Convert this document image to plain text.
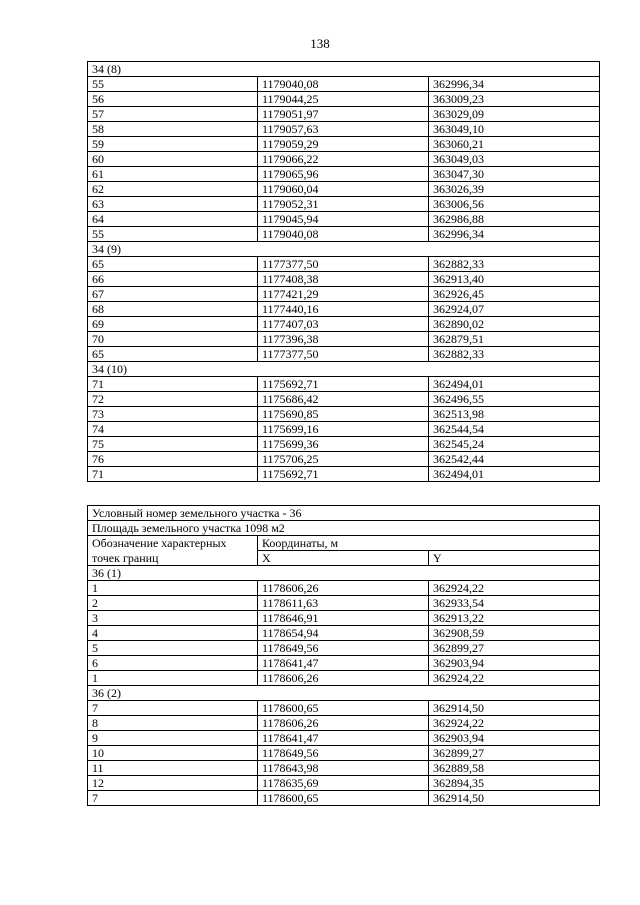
138
34 (8)		
55	1179040,08	362996,34
56	1179044,25	363009,23
57	1179051,97	363029,09
58	1179057,63	363049,10
59	1179059,29	363060,21
60	1179066,22	363049,03
61	1179065,96	363047,30
62	1179060,04	363026,39
63	1179052,31	363006,56
64	1179045,94	362986,88
55	1179040,08	362996,34
34 (9)		
65	1177377,50	362882,33
66	1177408,38	362913,40
67	1177421,29	362926,45
68	1177440,16	362924,07
69	1177407,03	362890,02
70	1177396,38	362879,51
65	1177377,50	362882,33
34 (10)		
71	1175692,71	362494,01
72	1175686,42	362496,55
73	1175690,85	362513,98
74	1175699,16	362544,54
75	1175699,36	362545,24
76	1175706,25	362542,44
71	1175692,71	362494,01
Условный номер земельного участка - 36		
Площадь земельного участка 1098 м2		
Обозначение характерных	Координаты, м	
точек границ	X	Y
36 (1)		
1	1178606,26	362924,22
2	1178611,63	362933,54
3	1178646,91	362913,22
4	1178654,94	362908,59
5	1178649,56	362899,27
6	1178641,47	362903,94
1	1178606,26	362924,22
36 (2)		
7	1178600,65	362914,50
8	1178606,26	362924,22
9	1178641,47	362903,94
10	1178649,56	362899,27
11	1178643,98	362889,58
12	1178635,69	362894,35
7	1178600,65	362914,50
